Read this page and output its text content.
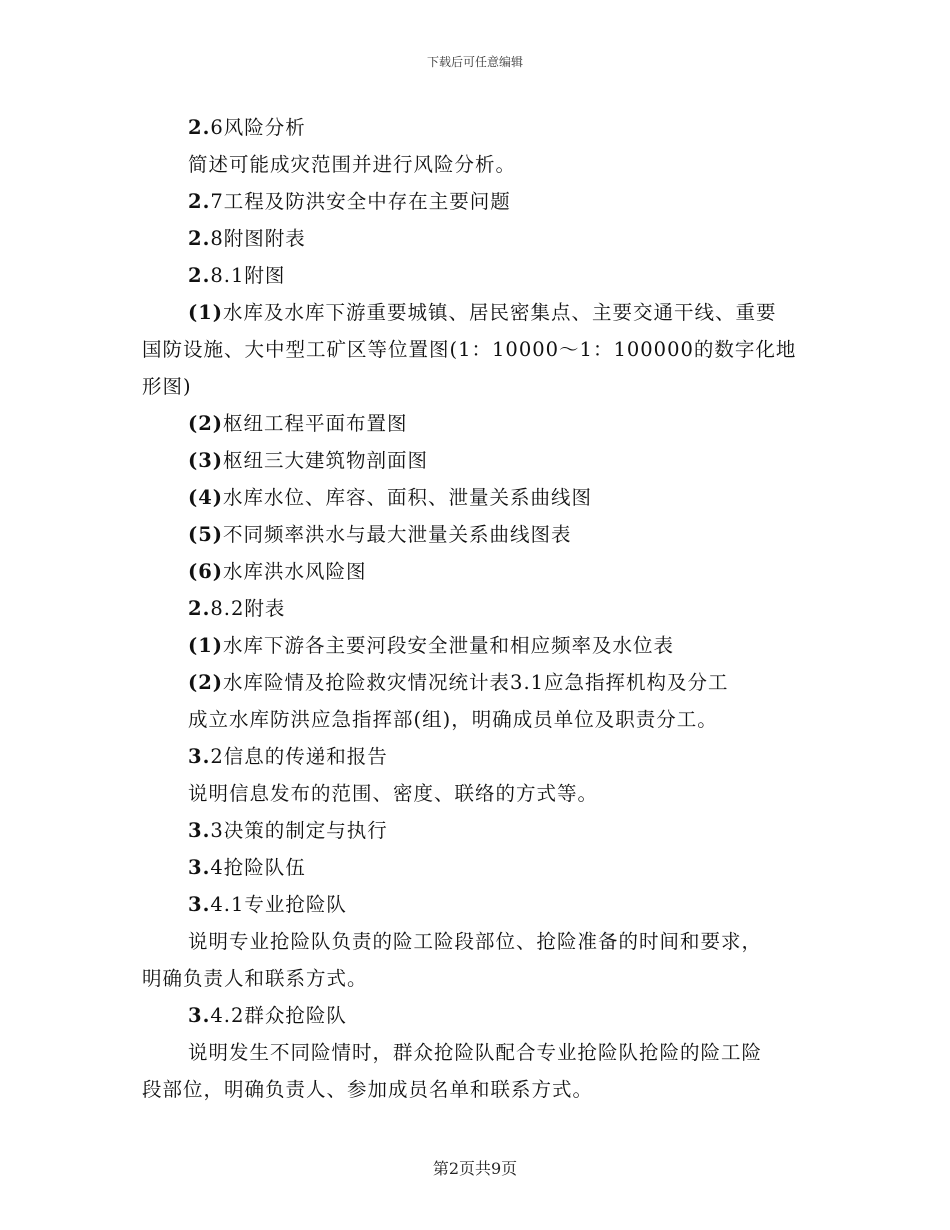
下载后可任意编辑

2.6风险分析

简述可能成灾范围并进行风险分析。

2.7工程及防洪安全中存在主要问题

2.8附图附表

2.8.1附图

(1)水库及水库下游重要城镇、居民密集点、主要交通干线、重要

国防设施、大中型工矿区等位置图(1：10000～1：100000的数字化地

形图)

(2)枢纽工程平面布置图

(3)枢纽三大建筑物剖面图

(4)水库水位、库容、面积、泄量关系曲线图

(5)不同频率洪水与最大泄量关系曲线图表

(6)水库洪水风险图

2.8.2附表

(1)水库下游各主要河段安全泄量和相应频率及水位表

(2)水库险情及抢险救灾情况统计表3.1应急指挥机构及分工

成立水库防洪应急指挥部(组)，明确成员单位及职责分工。

3.2信息的传递和报告

说明信息发布的范围、密度、联络的方式等。

3.3决策的制定与执行

3.4抢险队伍

3.4.1专业抢险队

说明专业抢险队负责的险工险段部位、抢险准备的时间和要求，

明确负责人和联系方式。

3.4.2群众抢险队

说明发生不同险情时，群众抢险队配合专业抢险队抢险的险工险

段部位，明确负责人、参加成员名单和联系方式。

第2页共9页
